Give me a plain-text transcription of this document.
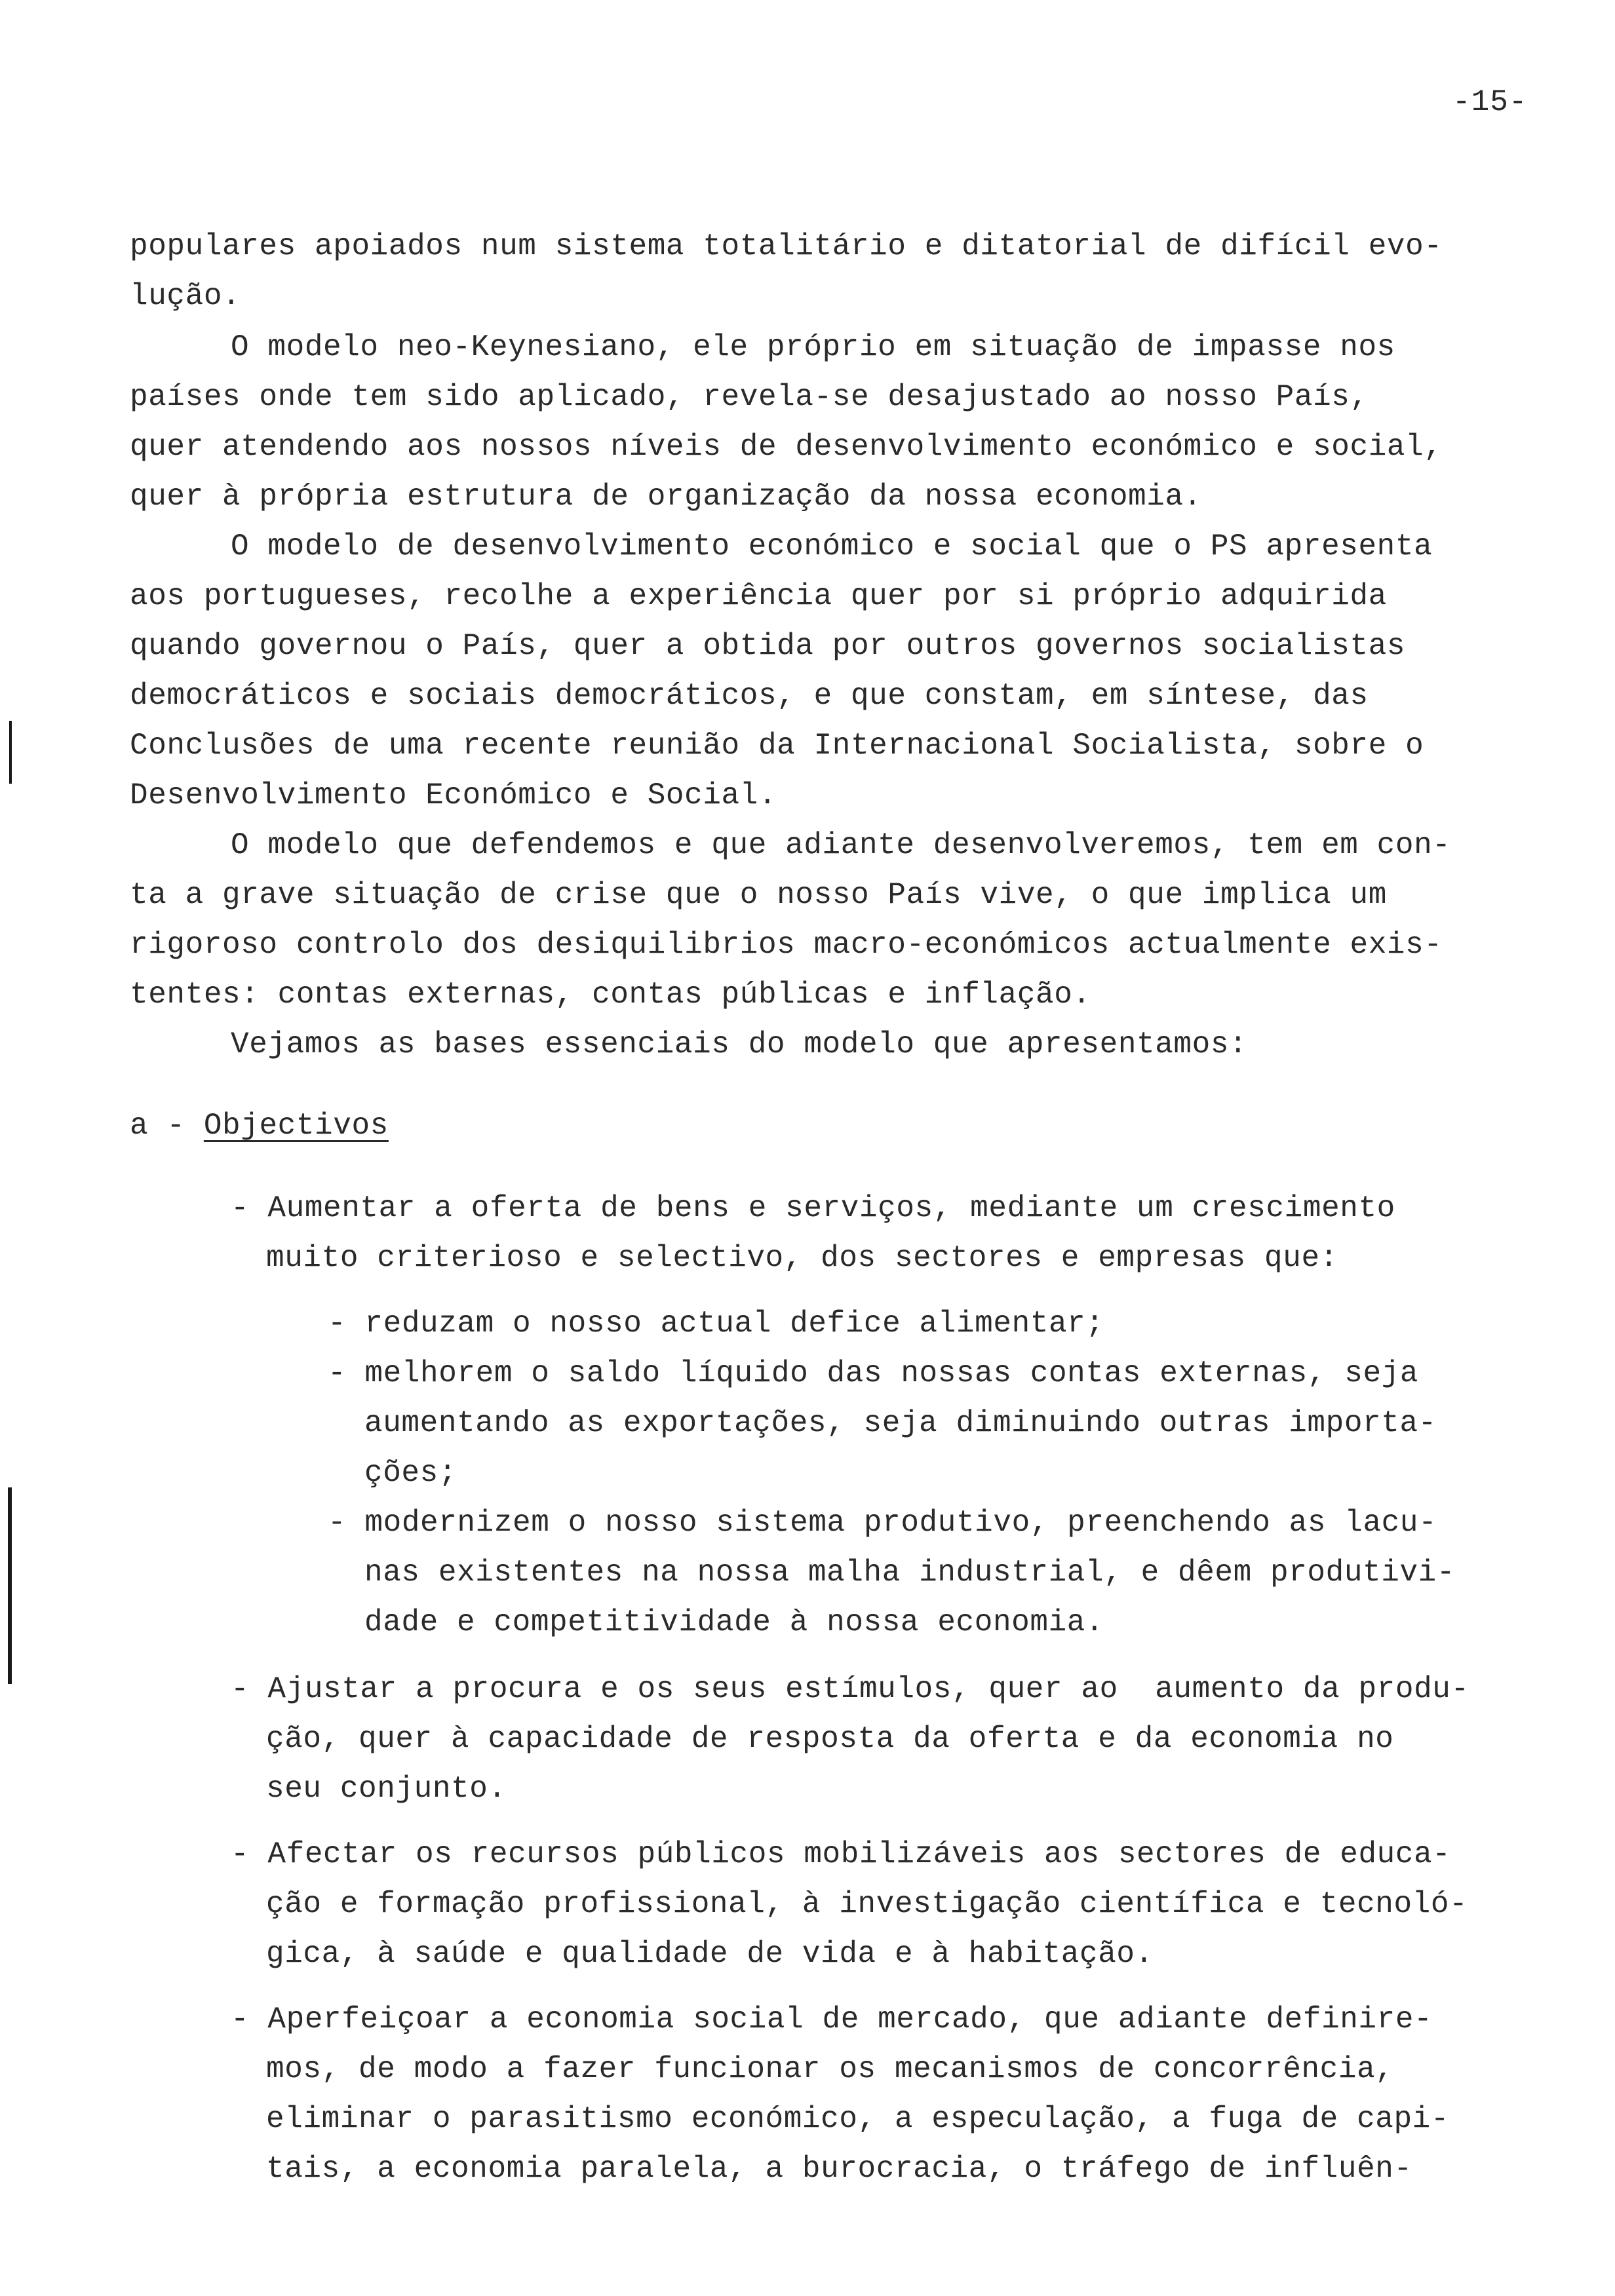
-15-
populares apoiados num sistema totalitário e ditatorial de difícil evo-
lução.
O modelo neo-Keynesiano, ele próprio em situação de impasse nos
países onde tem sido aplicado, revela-se desajustado ao nosso País,
quer atendendo aos nossos níveis de desenvolvimento económico e social,
quer à própria estrutura de organização da nossa economia.
O modelo de desenvolvimento económico e social que o PS apresenta
aos portugueses, recolhe a experiência quer por si próprio adquirida
quando governou o País, quer a obtida por outros governos socialistas
democráticos e sociais democráticos, e que constam, em síntese, das
Conclusões de uma recente reunião da Internacional Socialista, sobre o
Desenvolvimento Económico e Social.
O modelo que defendemos e que adiante desenvolveremos, tem em con-
ta a grave situação de crise que o nosso País vive, o que implica um
rigoroso controlo dos desiquilibrios macro-económicos actualmente exis-
tentes: contas externas, contas públicas e inflação.
Vejamos as bases essenciais do modelo que apresentamos:
a - Objectivos
- Aumentar a oferta de bens e serviços, mediante um crescimento
muito criterioso e selectivo, dos sectores e empresas que:
- reduzam o nosso actual defice alimentar;
- melhorem o saldo líquido das nossas contas externas, seja
aumentando as exportações, seja diminuindo outras importa-
ções;
- modernizem o nosso sistema produtivo, preenchendo as lacu-
nas existentes na nossa malha industrial, e dêem produtivi-
dade e competitividade à nossa economia.
- Ajustar a procura e os seus estímulos, quer ao  aumento da produ-
ção, quer à capacidade de resposta da oferta e da economia no
seu conjunto.
- Afectar os recursos públicos mobilizáveis aos sectores de educa-
ção e formação profissional, à investigação científica e tecnoló-
gica, à saúde e qualidade de vida e à habitação.
- Aperfeiçoar a economia social de mercado, que adiante definire-
mos, de modo a fazer funcionar os mecanismos de concorrência,
eliminar o parasitismo económico, a especulação, a fuga de capi-
tais, a economia paralela, a burocracia, o tráfego de influên-
